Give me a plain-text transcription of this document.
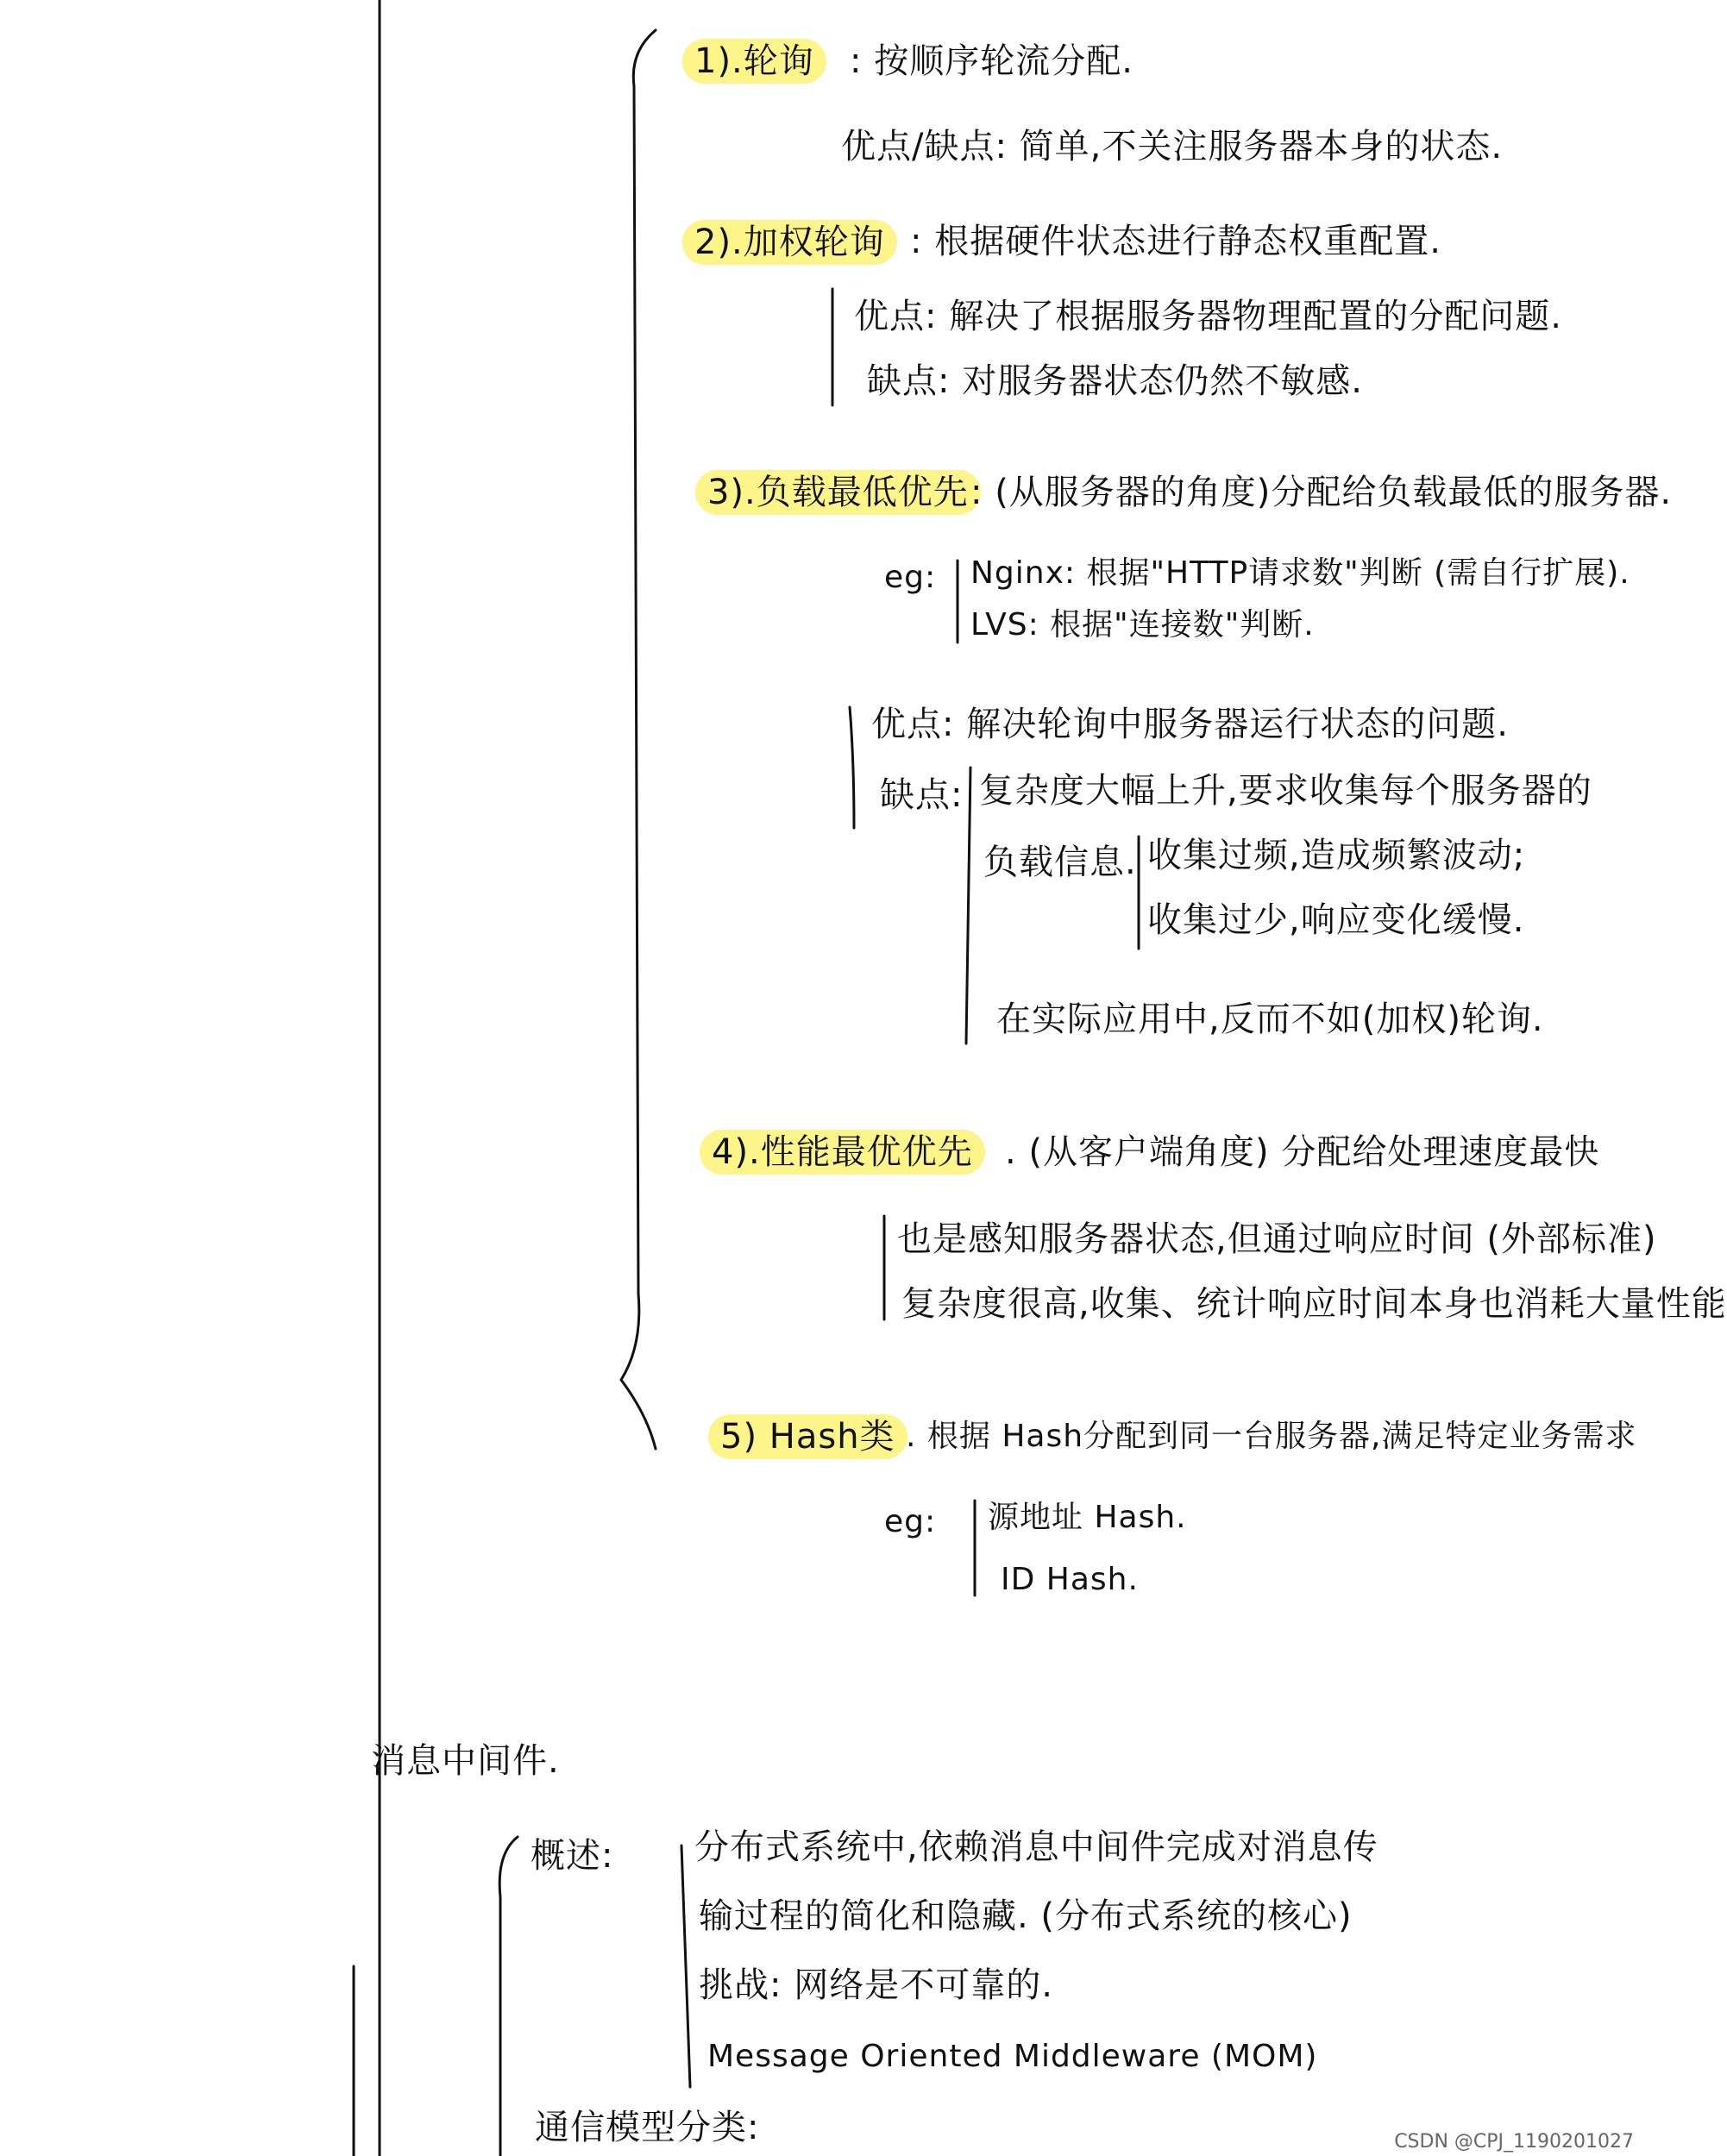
1).轮询	: 按顺序轮流分配.
优点/缺点: 简单,不关注服务器本身的状态.
2).加权轮询 : 根据硬件状态进行静态权重配置.
优点: 解决了根据服务器物理配置的分配问题.
缺点: 对服务器状态仍然不敏感.
3).负载最低优先 : (从服务器的角度)分配给负载最低的服务器.
eg: Nginx: 根据"HTTP请求数"判断 (需自行扩展).
LVS: 根据"连接数"判断.
优点: 解决轮询中服务器运行状态的问题.
缺点: 复杂度大幅上升,要求收集每个服务器的
负载信息. 收集过频,造成频繁波动;
收集过少,响应变化缓慢.
在实际应用中,反而不如(加权)轮询.
4).性能最优优先 . (从客户端角度) 分配给处理速度最快
也是感知服务器状态,但通过响应时间 (外部标准)
复杂度很高,收集、统计响应时间本身也消耗大量性能
5) Hash类 . 根据 Hash分配到同一台服务器,满足特定业务需求
eg: 源地址 Hash.
ID Hash.
消息中间件.
概述: 分布式系统中,依赖消息中间件完成对消息传
输过程的简化和隐藏. (分布式系统的核心)
挑战: 网络是不可靠的.
Message Oriented Middleware (MOM)
通信模型分类:	CSDN @CPJ_1190201027
